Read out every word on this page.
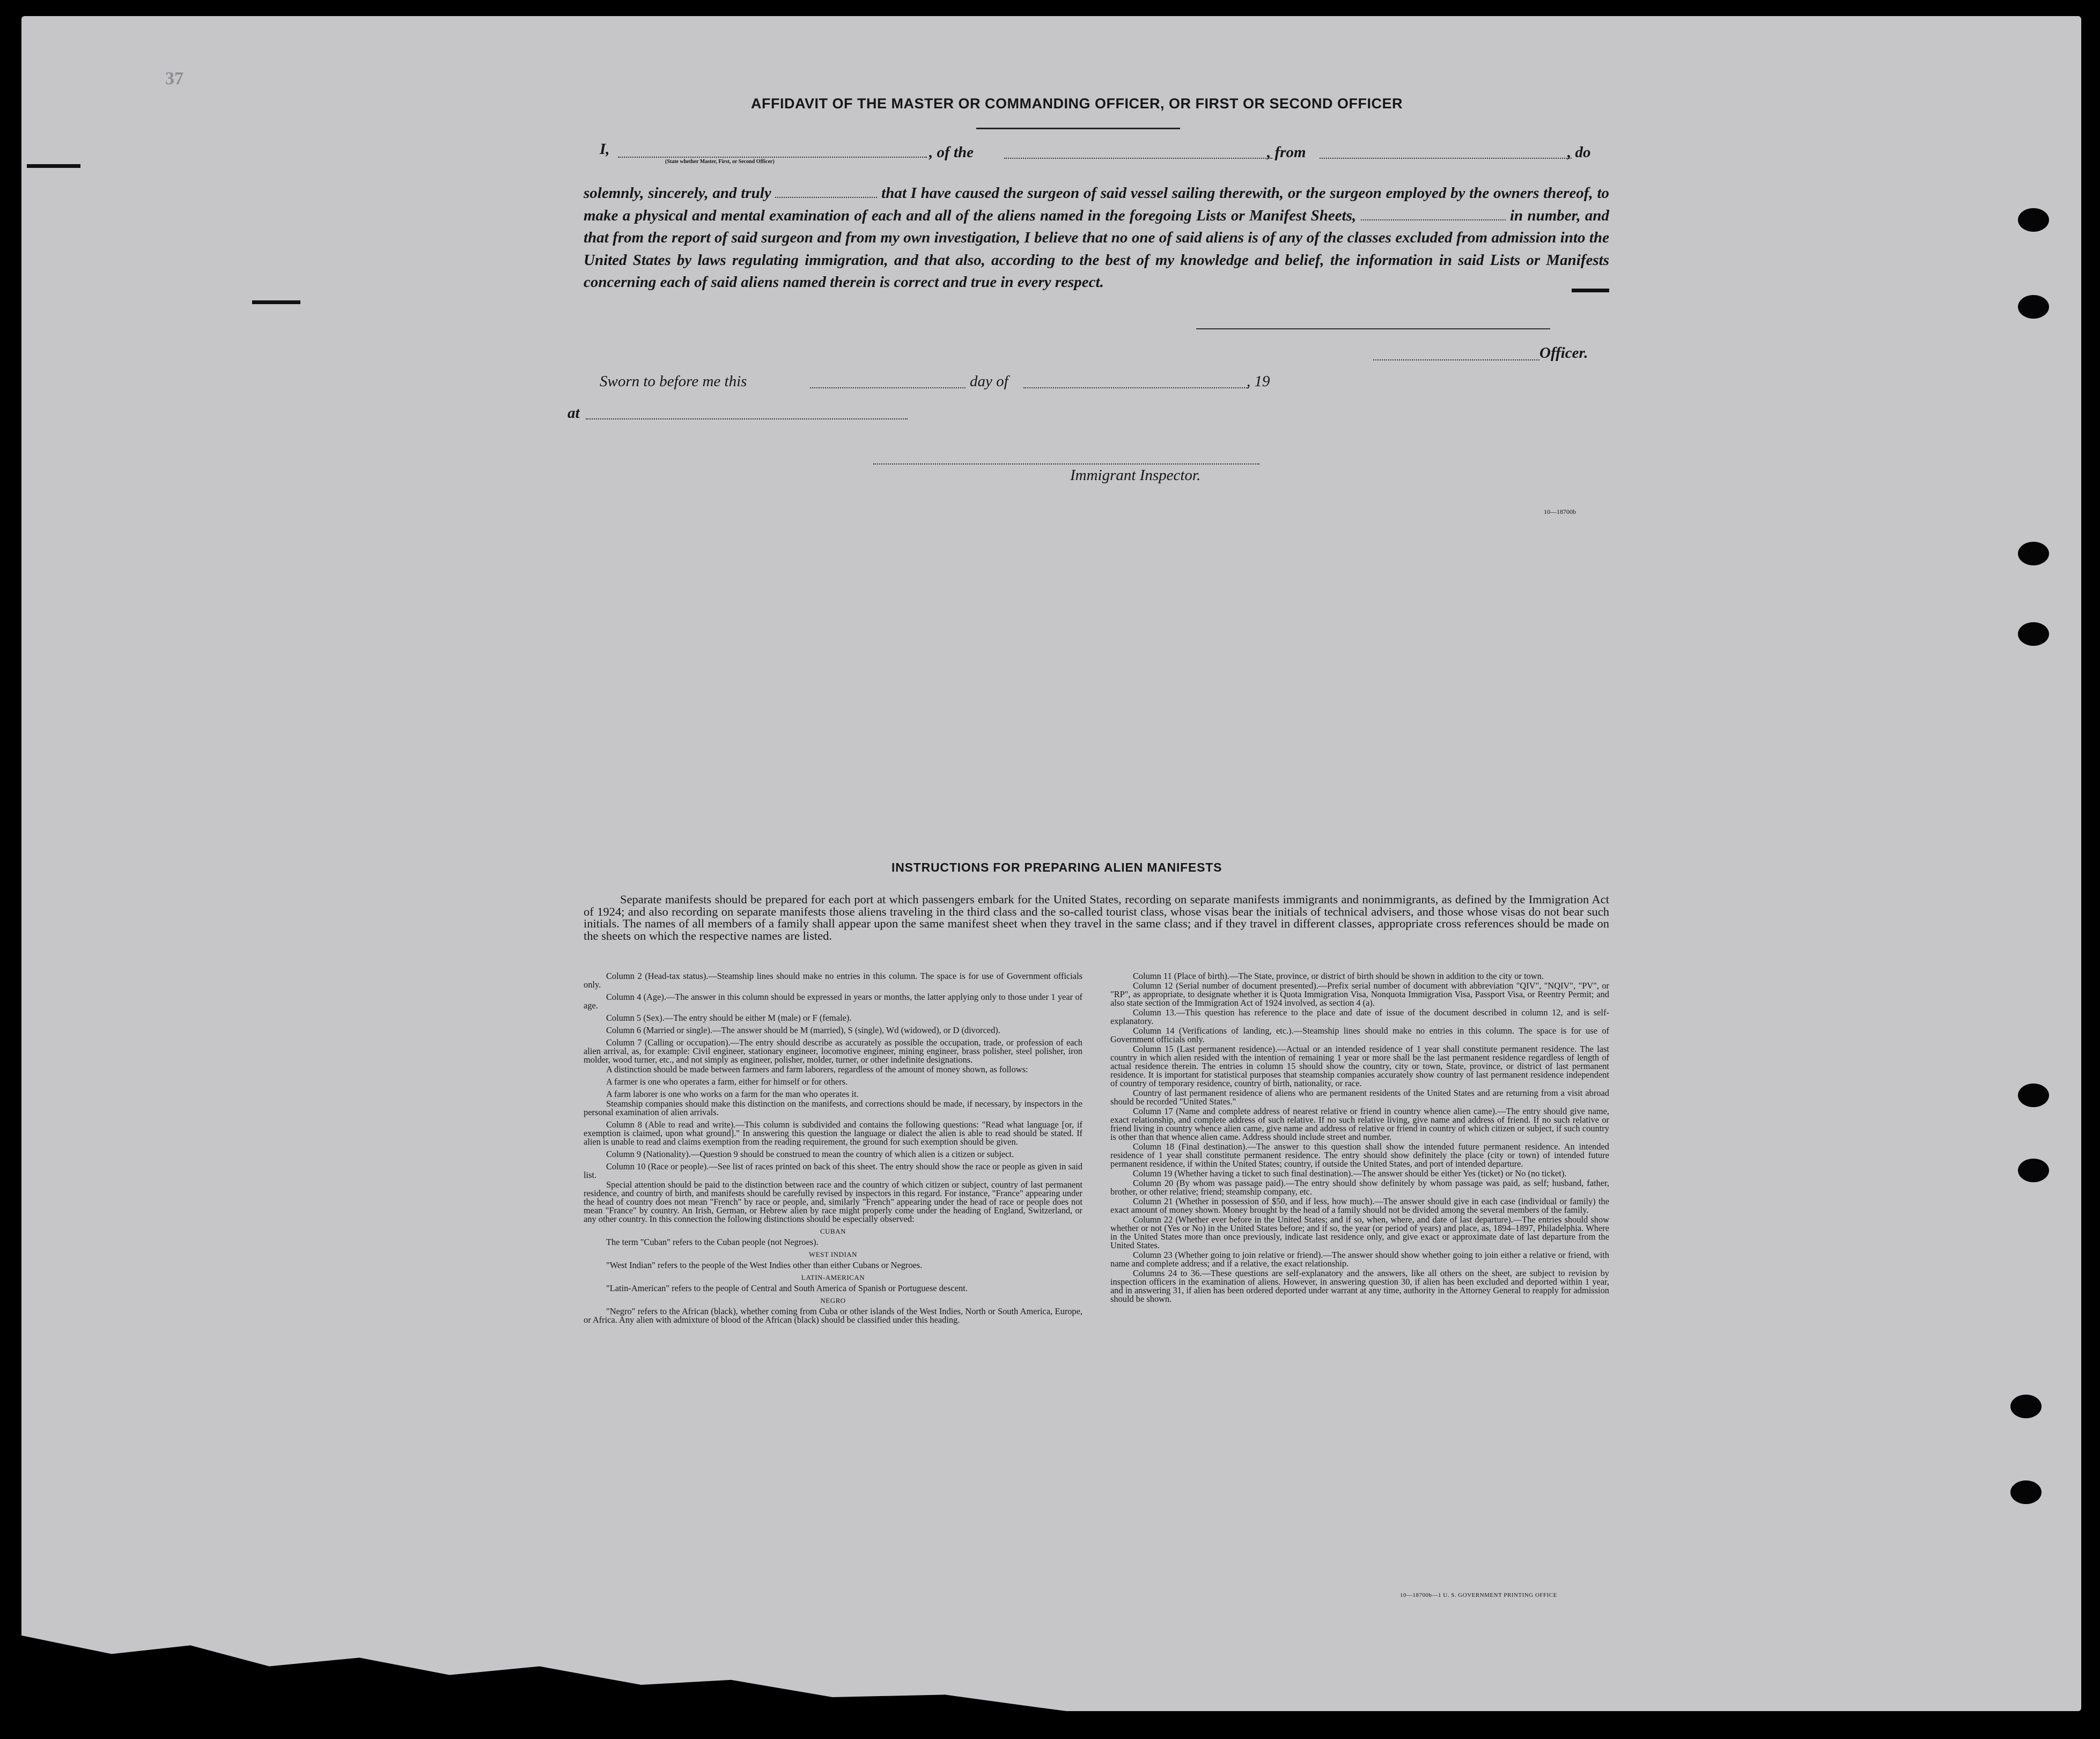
37
AFFIDAVIT OF THE MASTER OR COMMANDING OFFICER, OR FIRST OR SECOND OFFICER
I,
(State whether Master, First, or Second Officer)
, of the	, from	, do
solemnly, sincerely, and truly	that I have caused the surgeon of said vessel sailing therewith, or the surgeon employed by the owners thereof, to make a physical and mental examination of each and all of the aliens named in the foregoing Lists or Manifest Sheets,	in number, and that from the report of said surgeon and from my own investigation, I believe that no one of said aliens is of any of the classes excluded from admission into the United States by laws regulating immigration, and that also, according to the best of my knowledge and belief, the information in said Lists or Manifests concerning each of said aliens named therein is correct and true in every respect.
Officer.
Sworn to before me this	day of	, 19
at
Immigrant Inspector.
10—18700b
INSTRUCTIONS FOR PREPARING ALIEN MANIFESTS
Separate manifests should be prepared for each port at which passengers embark for the United States, recording on separate manifests immigrants and nonimmigrants, as defined by the Immigration Act of 1924; and also recording on separate manifests those aliens traveling in the third class and the so-called tourist class, whose visas bear the initials of technical advisers, and those whose visas do not bear such initials. The names of all members of a family shall appear upon the same manifest sheet when they travel in the same class; and if they travel in different classes, appropriate cross references should be made on the sheets on which the respective names are listed.

Column 2 (Head-tax status).—Steamship lines should make no entries in this column. The space is for use of Government officials only.

Column 4 (Age).—The answer in this column should be expressed in years or months, the latter applying only to those under 1 year of age.

Column 5 (Sex).—The entry should be either M (male) or F (female).

Column 6 (Married or single).—The answer should be M (married), S (single), Wd (widowed), or D (divorced).

Column 7 (Calling or occupation).—The entry should describe as accurately as possible the occupation, trade, or profession of each alien arrival, as, for example: Civil engineer, stationary engineer, locomotive engineer, mining engineer, brass polisher, steel polisher, iron molder, wood turner, etc., and not simply as engineer, polisher, molder, turner, or other indefinite designations.

A distinction should be made between farmers and farm laborers, regardless of the amount of money shown, as follows:

A farmer is one who operates a farm, either for himself or for others.

A farm laborer is one who works on a farm for the man who operates it.

Steamship companies should make this distinction on the manifests, and corrections should be made, if necessary, by inspectors in the personal examination of alien arrivals.

Column 8 (Able to read and write).—This column is subdivided and contains the following questions: "Read what language [or, if exemption is claimed, upon what ground]." In answering this question the language or dialect the alien is able to read should be stated. If alien is unable to read and claims exemption from the reading requirement, the ground for such exemption should be given.

Column 9 (Nationality).—Question 9 should be construed to mean the country of which alien is a citizen or subject.

Column 10 (Race or people).—See list of races printed on back of this sheet. The entry should show the race or people as given in said list.

Special attention should be paid to the distinction between race and the country of which citizen or subject, country of last permanent residence, and country of birth, and manifests should be carefully revised by inspectors in this regard. For instance, "France" appearing under the head of country does not mean "French" by race or people, and, similarly "French" appearing under the head of race or people does not mean "France" by country. An Irish, German, or Hebrew alien by race might properly come under the heading of England, Switzerland, or any other country. In this connection the following distinctions should be especially observed:

CUBAN

The term "Cuban" refers to the Cuban people (not Negroes).

WEST INDIAN

"West Indian" refers to the people of the West Indies other than either Cubans or Negroes.

LATIN-AMERICAN

"Latin-American" refers to the people of Central and South America of Spanish or Portuguese descent.

NEGRO

"Negro" refers to the African (black), whether coming from Cuba or other islands of the West Indies, North or South America, Europe, or Africa. Any alien with admixture of blood of the African (black) should be classified under this heading.

Column 11 (Place of birth).—The State, province, or district of birth should be shown in addition to the city or town.

Column 12 (Serial number of document presented).—Prefix serial number of document with abbreviation "QIV", "NQIV", "PV", or "RP", as appropriate, to designate whether it is Quota Immigration Visa, Nonquota Immigration Visa, Passport Visa, or Reentry Permit; and also state section of the Immigration Act of 1924 involved, as section 4 (a).

Column 13.—This question has reference to the place and date of issue of the document described in column 12, and is self-explanatory.

Column 14 (Verifications of landing, etc.).—Steamship lines should make no entries in this column. The space is for use of Government officials only.

Column 15 (Last permanent residence).—Actual or an intended residence of 1 year shall constitute permanent residence. The last country in which alien resided with the intention of remaining 1 year or more shall be the last permanent residence regardless of length of actual residence therein. The entries in column 15 should show the country, city or town, State, province, or district of last permanent residence. It is important for statistical purposes that steamship companies accurately show country of last permanent residence independent of country of temporary residence, country of birth, nationality, or race.

Country of last permanent residence of aliens who are permanent residents of the United States and are returning from a visit abroad should be recorded "United States."

Column 17 (Name and complete address of nearest relative or friend in country whence alien came).—The entry should give name, exact relationship, and complete address of such relative. If no such relative living, give name and address of friend. If no such relative or friend living in country whence alien came, give name and address of relative or friend in country of which citizen or subject, if such country is other than that whence alien came. Address should include street and number.

Column 18 (Final destination).—The answer to this question shall show the intended future permanent residence. An intended residence of 1 year shall constitute permanent residence. The entry should show definitely the place (city or town) of intended future permanent residence, if within the United States; country, if outside the United States, and port of intended departure.

Column 19 (Whether having a ticket to such final destination).—The answer should be either Yes (ticket) or No (no ticket).

Column 20 (By whom was passage paid).—The entry should show definitely by whom passage was paid, as self; husband, father, brother, or other relative; friend; steamship company, etc.

Column 21 (Whether in possession of $50, and if less, how much).—The answer should give in each case (individual or family) the exact amount of money shown. Money brought by the head of a family should not be divided among the several members of the family.

Column 22 (Whether ever before in the United States; and if so, when, where, and date of last departure).—The entries should show whether or not (Yes or No) in the United States before; and if so, the year (or period of years) and place, as, 1894–1897, Philadelphia. Where in the United States more than once previously, indicate last residence only, and give exact or approximate date of last departure from the United States.

Column 23 (Whether going to join relative or friend).—The answer should show whether going to join either a relative or friend, with name and complete address; and if a relative, the exact relationship.

Columns 24 to 36.—These questions are self-explanatory and the answers, like all others on the sheet, are subject to revision by inspection officers in the examination of aliens. However, in answering question 30, if alien has been excluded and deported within 1 year, and in answering 31, if alien has been ordered deported under warrant at any time, authority in the Attorney General to reapply for admission should be shown.

10—18700b—1 U. S. GOVERNMENT PRINTING OFFICE
